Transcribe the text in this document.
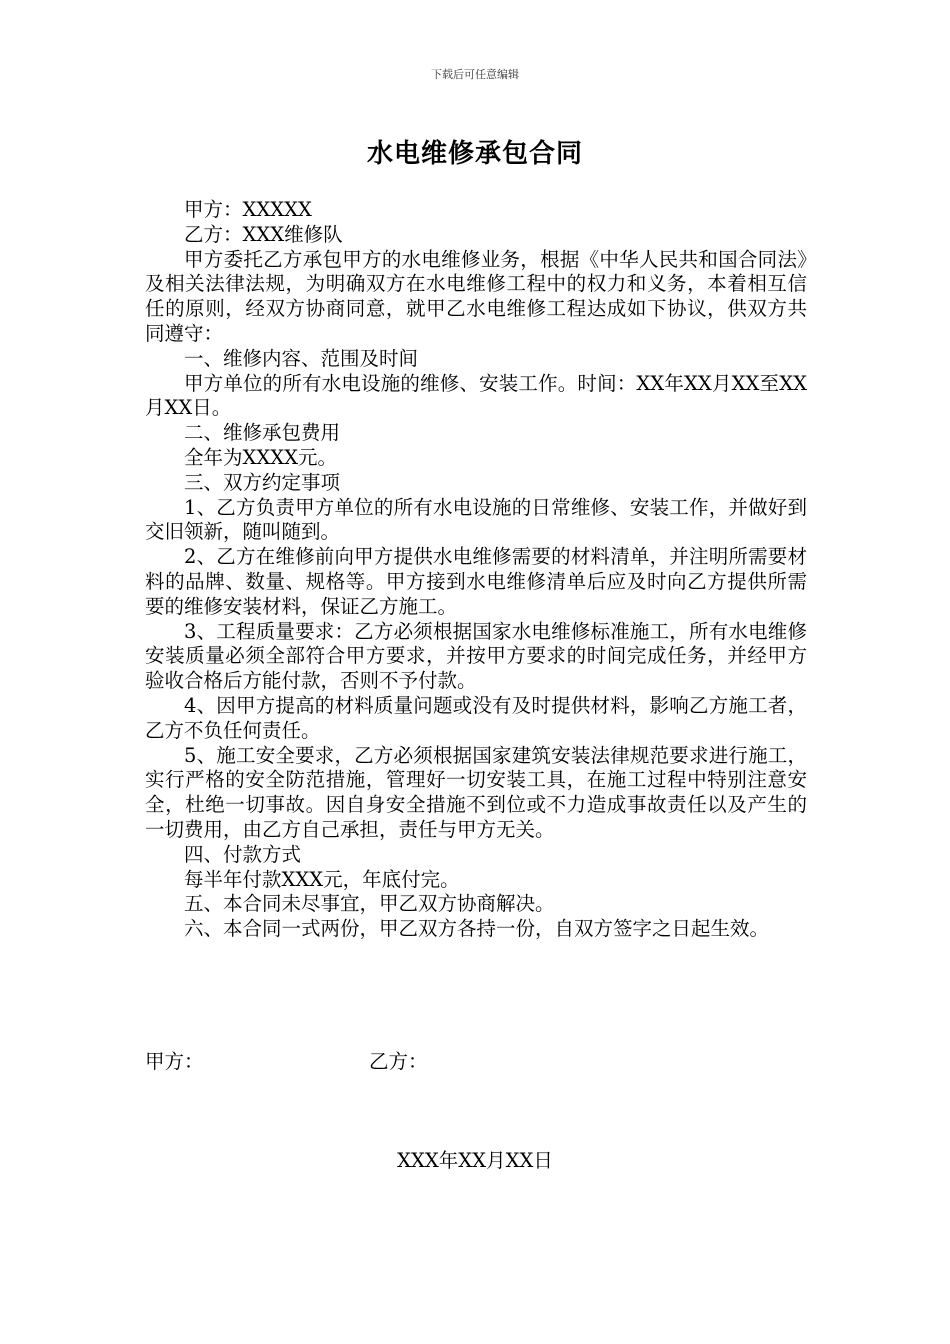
下载后可任意编辑
水电维修承包合同

甲方：XXXXX

乙方：XXX维修队

甲方委托乙方承包甲方的水电维修业务，根据《中华人民共和国合同法》及相关法律法规，为明确双方在水电维修工程中的权力和义务，本着相互信任的原则，经双方协商同意，就甲乙水电维修工程达成如下协议，供双方共同遵守：

一、维修内容、范围及时间

甲方单位的所有水电设施的维修、安装工作。时间：XX年XX月XX至XX月XX日。

二、维修承包费用

全年为XXXX元。

三、双方约定事项

1、乙方负责甲方单位的所有水电设施的日常维修、安装工作，并做好到交旧领新，随叫随到。

2、乙方在维修前向甲方提供水电维修需要的材料清单，并注明所需要材料的品牌、数量、规格等。甲方接到水电维修清单后应及时向乙方提供所需要的维修安装材料，保证乙方施工。

3、工程质量要求：乙方必须根据国家水电维修标准施工，所有水电维修安装质量必须全部符合甲方要求，并按甲方要求的时间完成任务，并经甲方验收合格后方能付款，否则不予付款。

4、因甲方提高的材料质量问题或没有及时提供材料，影响乙方施工者，乙方不负任何责任。

5、施工安全要求，乙方必须根据国家建筑安装法律规范要求进行施工，实行严格的安全防范措施，管理好一切安装工具，在施工过程中特别注意安全，杜绝一切事故。因自身安全措施不到位或不力造成事故责任以及产生的一切费用，由乙方自己承担，责任与甲方无关。

四、付款方式

每半年付款XXX元，年底付完。

五、本合同未尽事宜，甲乙双方协商解决。

六、本合同一式两份，甲乙双方各持一份，自双方签字之日起生效。

甲方：	乙方：
XXX年XX月XX日
